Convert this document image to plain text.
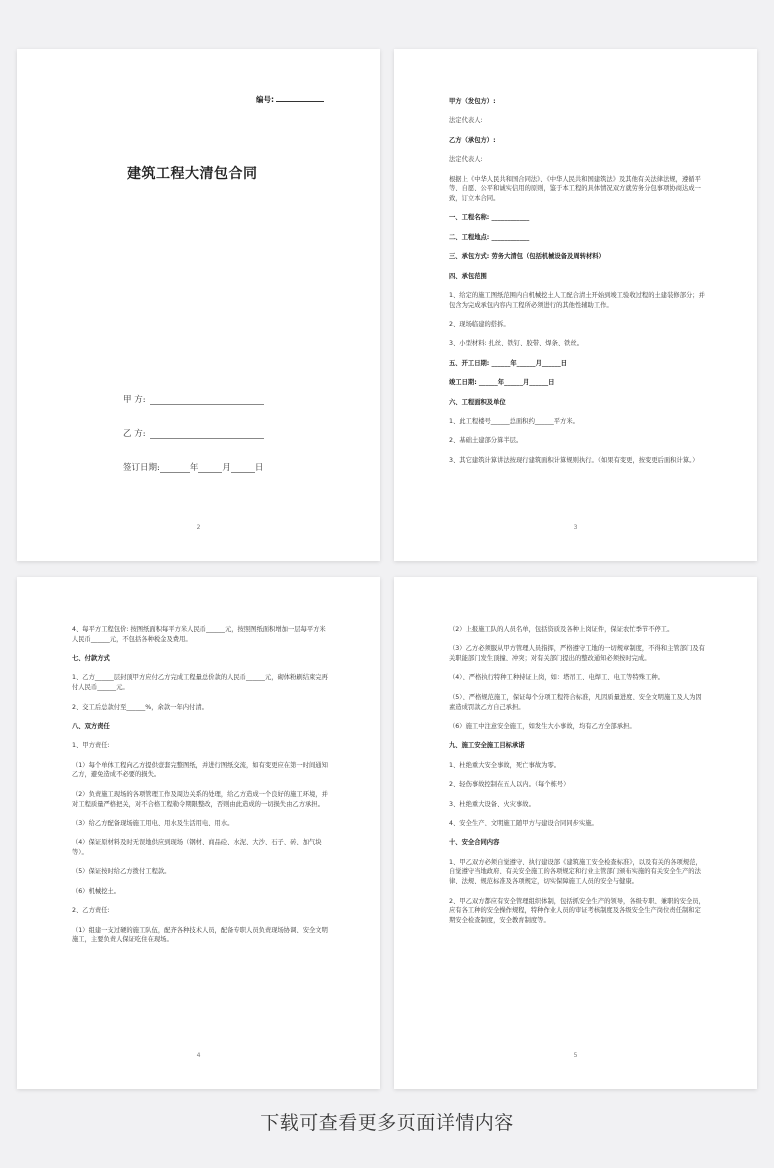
编号:
建筑工程大清包合同
甲 方:
乙 方:
签订日期:	年	月	日
2

甲方（发包方）:

法定代表人:

乙方（承包方）:

法定代表人:

根据上《中华人民共和国合同法》、《中华人民共和国建筑法》及其他有关法律法规，遵循平等、自愿、公平和诚实信用的原则，鉴于本工程的具体情况双方就劳务分包事项协商达成一致，订立本合同。

一、工程名称: ____________

二、工程地点: ____________

三、承包方式: 劳务大清包（包括机械设备及周转材料）

四、承包范围

1、给定的施工图纸范围内自机械挖土人工配合清土开始到竣工验收过程的土建装修部分；并包含为完成承包内容内工程所必须进行的其他性辅助工作。

2、现场临建的搭拆。

3、小型材料: 扎丝、铁钉、胶带、焊条、铁丝。

五、开工日期: ______年______月______日

竣工日期: ______年______月______日

六、工程面积及单位

1、此工程楼号______总面积约______平方米。

2、基础土建部分算半层。

3、其它建筑计算讲法按现行建筑面积计算规则执行。（如果有变更，按变更后面积计算。）

3

4、每平方工程包价: 按图纸面积每平方米人民币______元，按照图纸面积增加一层每平方米人民币______元，不包括各种税金及费用。

七、付款方式

1、乙方______层封顶甲方应付乙方完成工程量总价款的人民币______元，砌体粉刷结束完再付人民币______元。

2、交工后总款付至______%，余款一年内付清。

八、双方责任

1、甲方责任:

（1）每个单体工程向乙方提供壹套完整图纸，并进行图纸交流，如有变更应在第一时间通知乙方，避免造成不必要的损失。

（2）负责施工现场的各项管理工作及周边关系的处理，给乙方造成一个良好的施工环境，并对工程质量严格把关，对不合格工程勒令期限整改，否则由此造成的一切损失由乙方承担。

（3）给乙方配备现场施工用电、用水及生活用电、用水。

（4）保证原材料及时无误地供应到现场（钢材、商品砼、水泥、大沙、石子、砖、加气块等）。

（5）保证按时给乙方拨付工程款。

（6）机械挖土。

2、乙方责任:

（1）组建一支过硬的施工队伍，配齐各种技术人员，配备专职人员负责现场协调、安全文明施工，主要负责人保证吃住在现场。

4

（2）上报施工队的人员名单，包括资质及各种上岗证件，保证农忙季节不停工。

（3）乙方必须服从甲方管理人员指挥，严格遵守工地的一切规章制度，不得和主管部门及有关职能部门发生顶撞、冲突；对有关部门提出的整改通知必须按时完成。

（4）、严格执行特种工种持证上岗，如：塔吊工、电焊工、电工等特殊工种。

（5）、严格规范施工，保证每个分项工程符合标准，凡因质量进度、安全文明施工及人为因素造成罚款乙方自己承担。

（6）施工中注意安全施工，如发生大小事故，均有乙方全部承担。

九、施工安全施工目标承诺

1、杜绝重大安全事故，死亡事故为零。

2、轻伤事故控制在五人以内。（每个栋号）

3、杜绝重大设备、火灾事故。

4、安全生产、文明施工随甲方与建设合同同步实施。

十、安全合同内容

1、甲乙双方必须自觉遵守、执行建设部《建筑施工安全检查标准》，以及有关的各项规范，自觉遵守当地政府、有关安全施工的各项规定和行业主管部门颁布实施的有关安全生产的法律、法规、规范标准及各项规定，切实保障施工人员的安全与健康。

2、甲乙双方都应有安全管理组织体制，包括抓安全生产的领导，各级专职、兼职的安全员，应有各工种的安全操作规程，特种作业人员的审证考核制度及各级安全生产岗位责任制和定期安全检查制度，安全教育制度等。

5
下载可查看更多页面详情内容
